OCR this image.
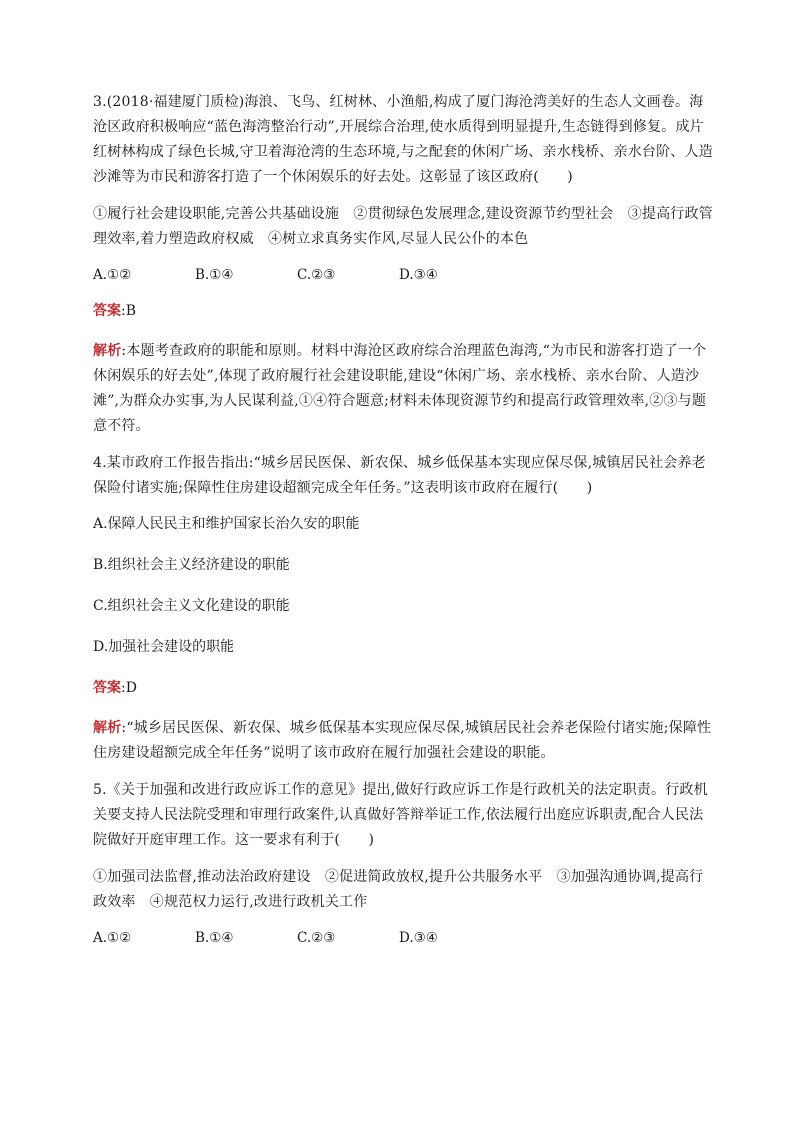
3.(2018·福建厦门质检)海浪、飞鸟、红树林、小渔船,构成了厦门海沧湾美好的生态人文画卷。海沧区政府积极响应“蓝色海湾整治行动”,开展综合治理,使水质得到明显提升,生态链得到修复。成片红树林构成了绿色长城,守卫着海沧湾的生态环境,与之配套的休闲广场、亲水栈桥、亲水台阶、人造沙滩等为市民和游客打造了一个休闲娱乐的好去处。这彰显了该区政府(　　)

①履行社会建设职能,完善公共基础设施　②贯彻绿色发展理念,建设资源节约型社会　③提高行政管理效率,着力塑造政府权威　④树立求真务实作风,尽显人民公仆的本色

A.①②	B.①④	C.②③	D.③④

答案:B

解析:本题考查政府的职能和原则。材料中海沧区政府综合治理蓝色海湾,“为市民和游客打造了一个休闲娱乐的好去处”,体现了政府履行社会建设职能,建设“休闲广场、亲水栈桥、亲水台阶、人造沙滩”,为群众办实事,为人民谋利益,①④符合题意;材料未体现资源节约和提高行政管理效率,②③与题意不符。

4.某市政府工作报告指出:“城乡居民医保、新农保、城乡低保基本实现应保尽保,城镇居民社会养老保险付诸实施;保障性住房建设超额完成全年任务。”这表明该市政府在履行(　　)

A.保障人民民主和维护国家长治久安的职能

B.组织社会主义经济建设的职能

C.组织社会主义文化建设的职能

D.加强社会建设的职能

答案:D

解析:“城乡居民医保、新农保、城乡低保基本实现应保尽保,城镇居民社会养老保险付诸实施;保障性住房建设超额完成全年任务”说明了该市政府在履行加强社会建设的职能。

5.《关于加强和改进行政应诉工作的意见》提出,做好行政应诉工作是行政机关的法定职责。行政机关要支持人民法院受理和审理行政案件,认真做好答辩举证工作,依法履行出庭应诉职责,配合人民法院做好开庭审理工作。这一要求有利于(　　)

①加强司法监督,推动法治政府建设　②促进简政放权,提升公共服务水平　③加强沟通协调,提高行政效率　④规范权力运行,改进行政机关工作

A.①②	B.①④	C.②③	D.③④
